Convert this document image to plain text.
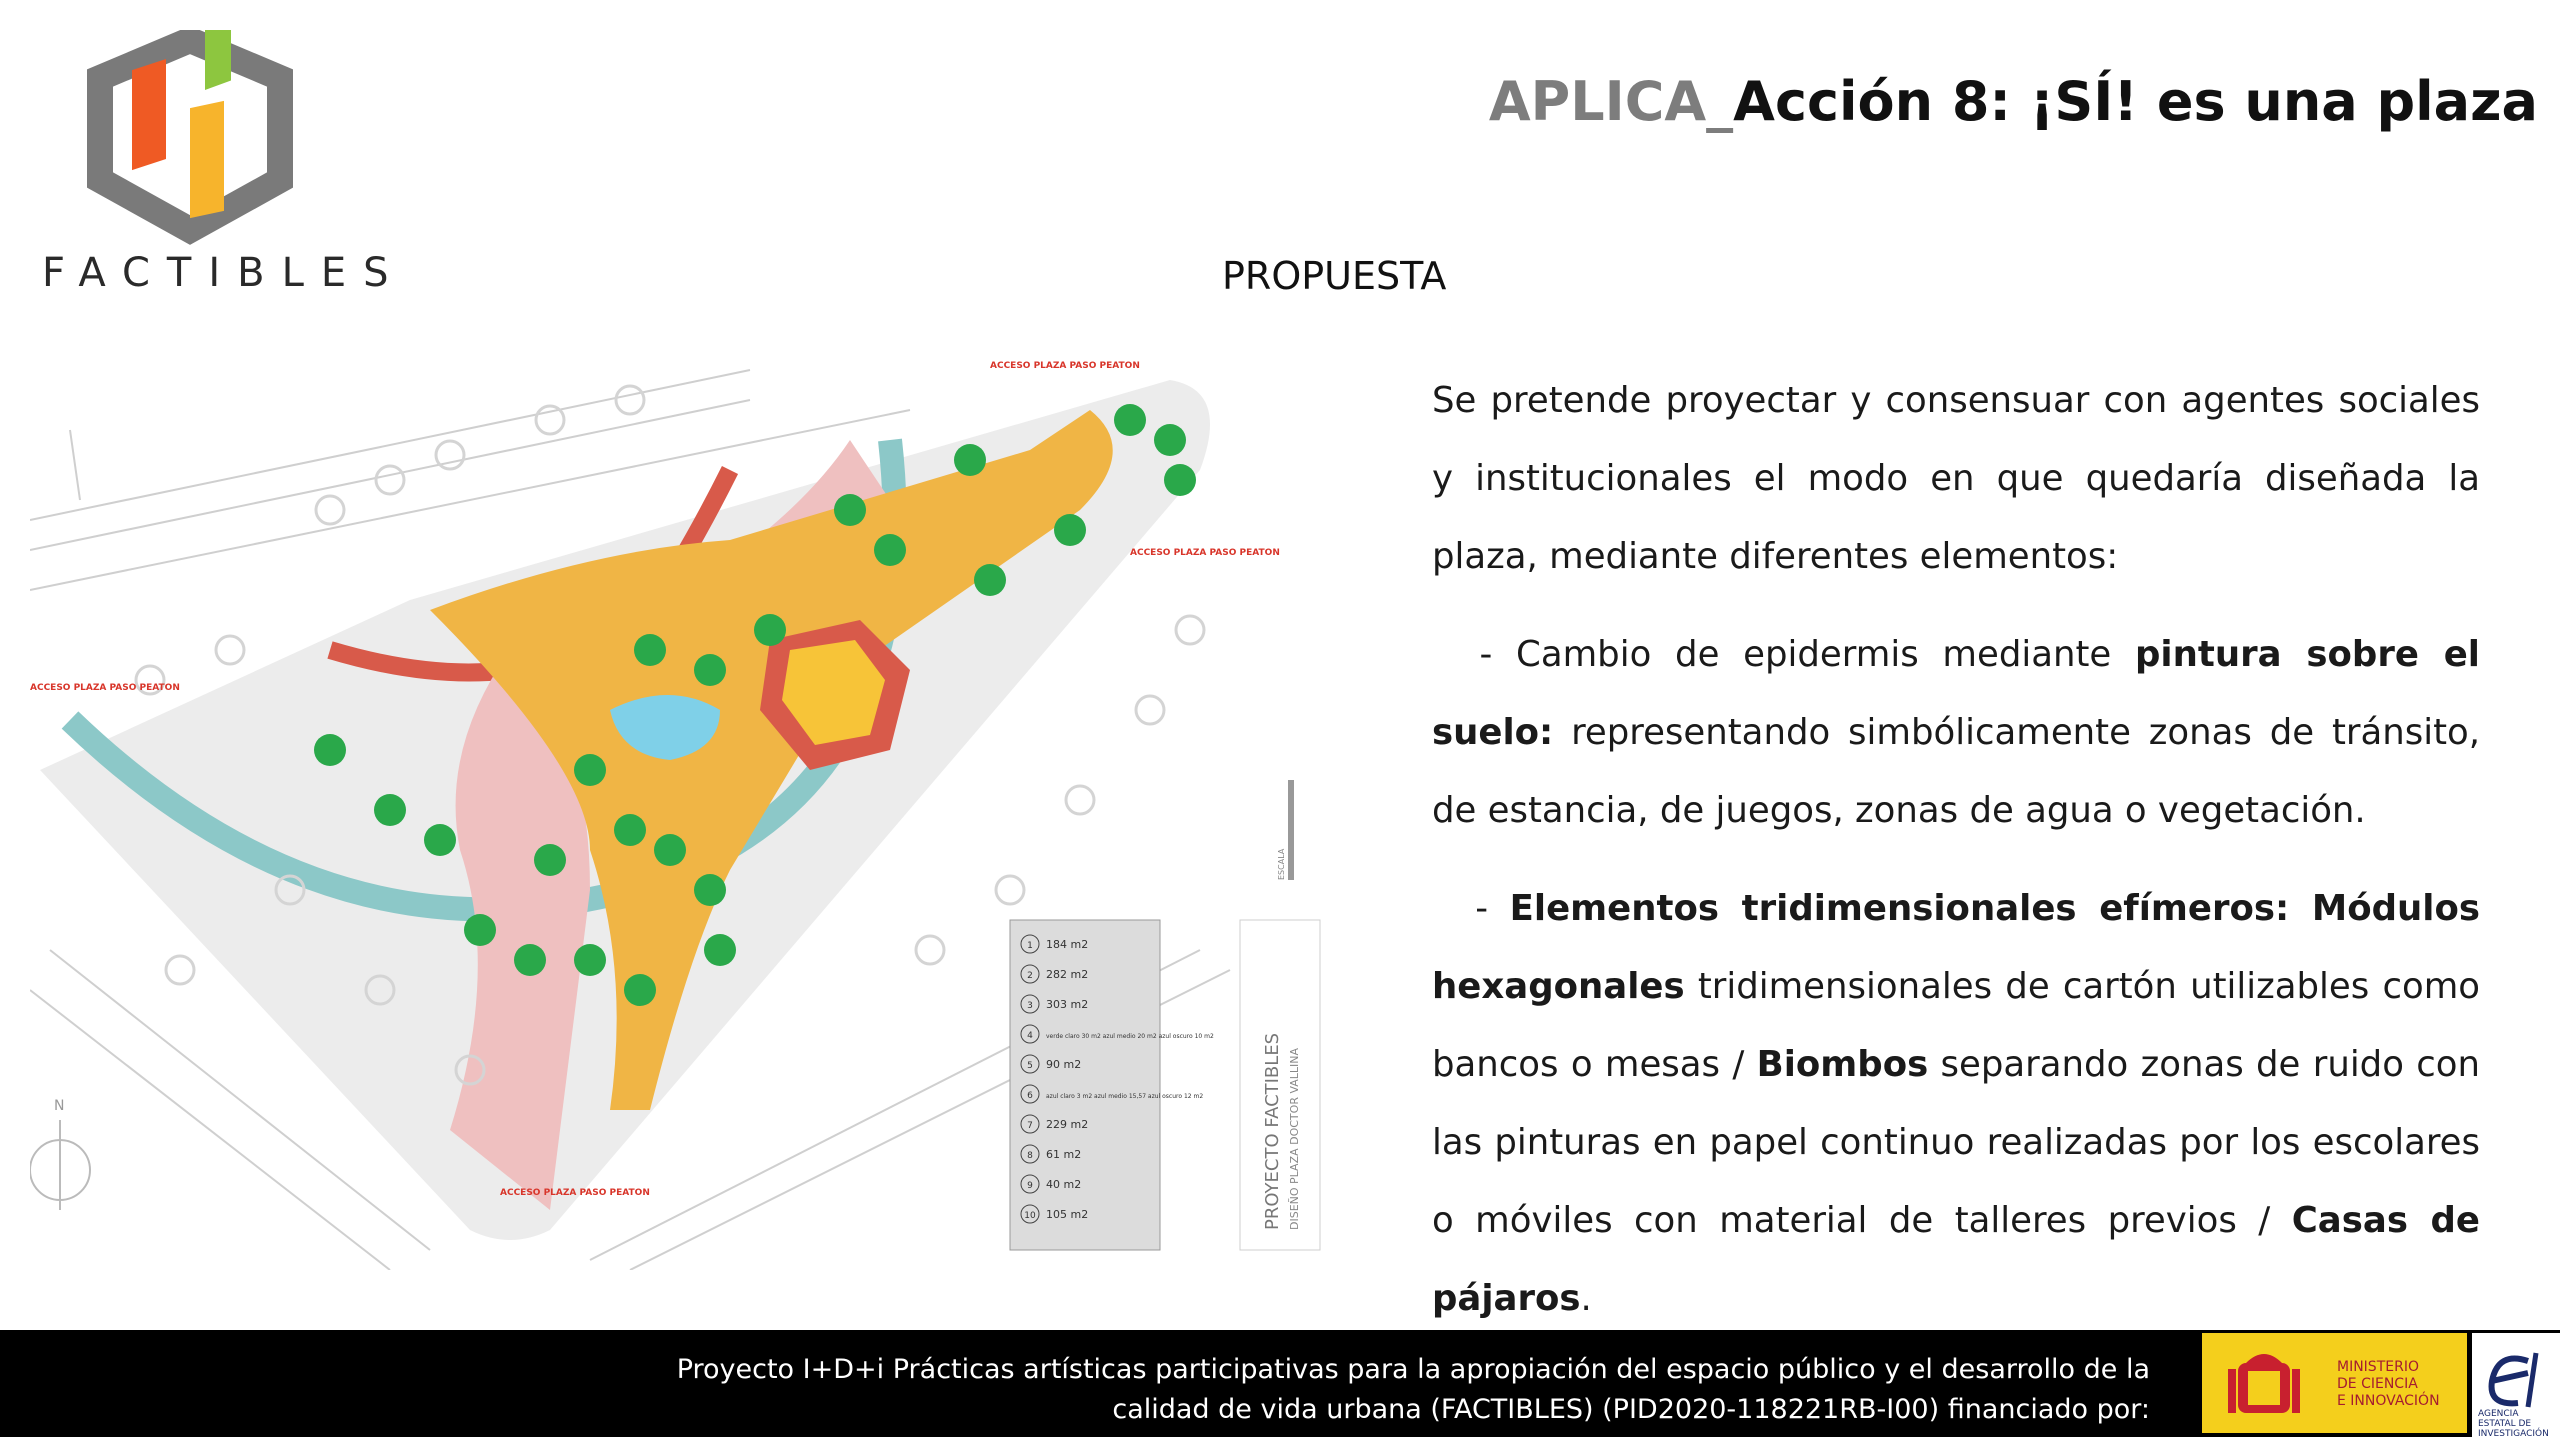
FACTIBLES
APLICA_Acción 8: ¡SÍ! es una plaza
PROPUESTA
ACCESO PLAZA PASO PEATON
ACCESO PLAZA PASO PEATON
ACCESO PLAZA PASO PEATON
ACCESO PLAZA PASO PEATON
1 184 m2
2 282 m2
3 303 m2
4 verde claro 30 m2 azul medio 20 m2 azul oscuro 10 m2
5 90 m2
6 azul claro 3 m2 azul medio 15,57 azul oscuro 12 m2
7 229 m2
8 61 m2
9 40 m2
10 105 m2	PROYECTO FACTIBLES DISEÑO PLAZA DOCTOR VALLINA
ESCALA
N

Se pretende proyectar y consensuar con agentes sociales y institucionales el modo en que quedaría diseñada la plaza, mediante diferentes elementos:

- Cambio de epidermis mediante pintura sobre el suelo: representando simbólicamente zonas de tránsito, de estancia, de juegos, zonas de agua o vegetación.

- Elementos tridimensionales efímeros: Módulos hexagonales tridimensionales de cartón utilizables como bancos o mesas / Biombos separando zonas de ruido con las pinturas en papel continuo realizadas por los escolares o móviles con material de talleres previos / Casas de pájaros.

Proyecto I+D+i Prácticas artísticas participativas para la apropiación del espacio público y el desarrollo de la
calidad de vida urbana (FACTIBLES) (PID2020-118221RB-I00) financiado por:
MINISTERIO
DE CIENCIA
E INNOVACIÓN
AGENCIA
ESTATAL DE
INVESTIGACIÓN
